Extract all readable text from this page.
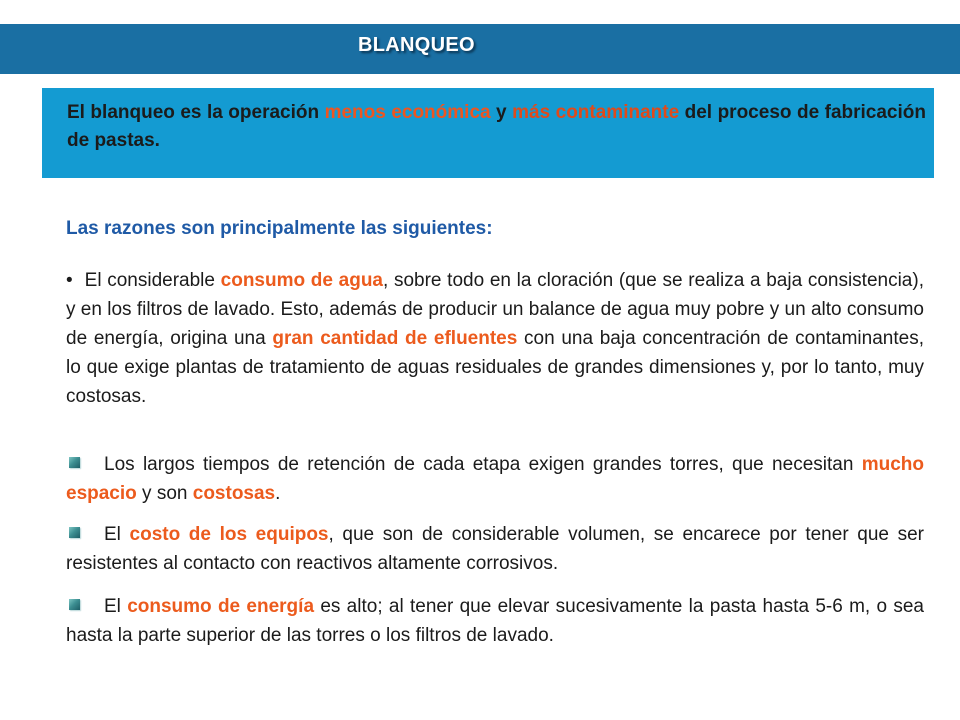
BLANQUEO

El blanqueo es la operación menos económica y más contaminante del proceso de fabricación de pastas.

Las razones son principalmente las siguientes:

• El considerable consumo de agua, sobre todo en la cloración (que se realiza a baja consistencia), y en los filtros de lavado. Esto, además de producir un balance de agua muy pobre y un alto consumo de energía, origina una gran cantidad de efluentes con una baja concentración de contaminantes, lo que exige plantas de tratamiento de aguas residuales de grandes dimensiones y, por lo tanto, muy costosas.

Los largos tiempos de retención de cada etapa exigen grandes torres, que necesitan mucho espacio y son costosas.

El costo de los equipos, que son de considerable volumen, se encarece por tener que ser resistentes al contacto con reactivos altamente corrosivos.

El consumo de energía es alto; al tener que elevar sucesivamente la pasta hasta 5-6 m, o sea hasta la parte superior de las torres o los filtros de lavado.
